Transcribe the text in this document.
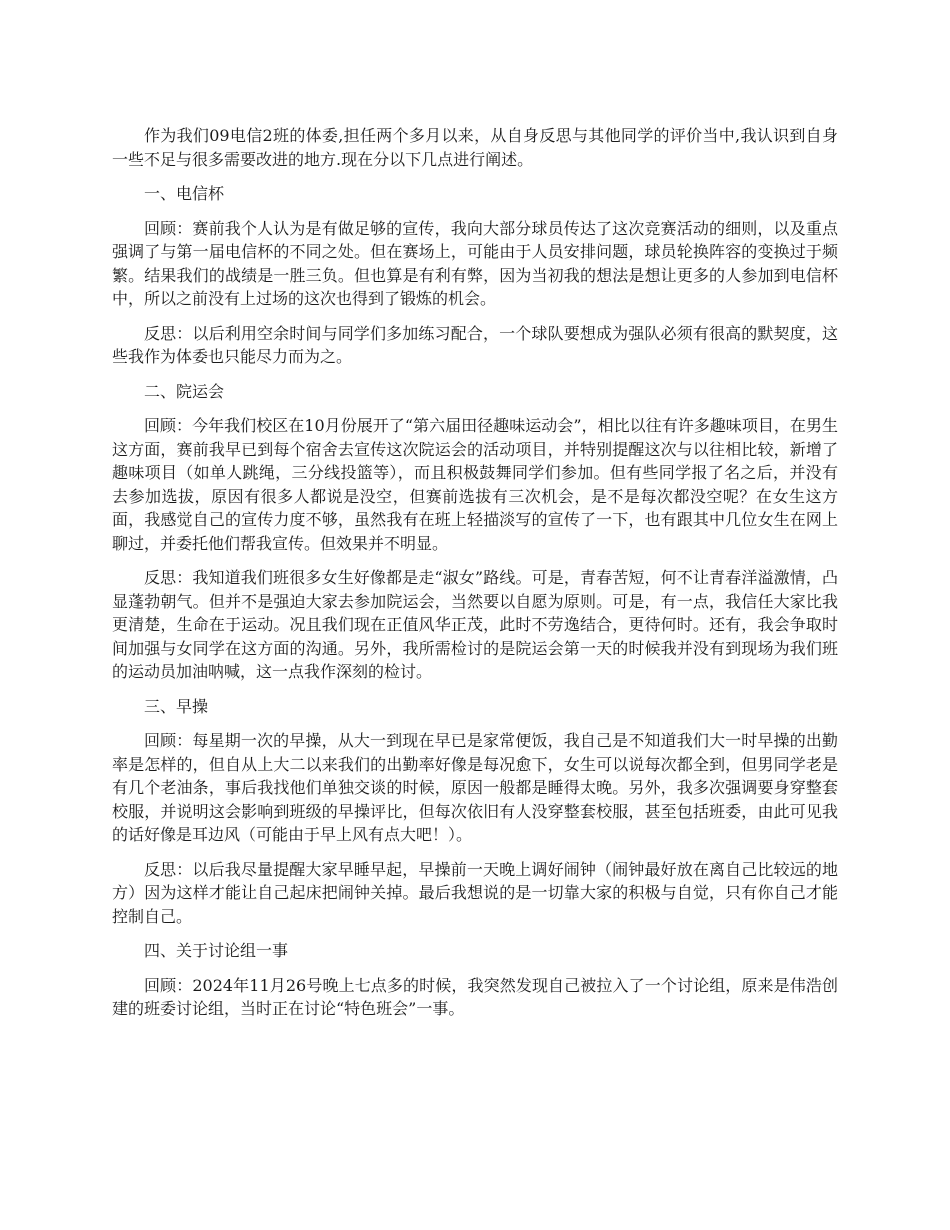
作为我们09电信2班的体委,担任两个多月以来，从自身反思与其他同学的评价当中,我认识到自身一些不足与很多需要改进的地方.现在分以下几点进行阐述。

一、电信杯

回顾：赛前我个人认为是有做足够的宣传，我向大部分球员传达了这次竞赛活动的细则，以及重点强调了与第一届电信杯的不同之处。但在赛场上，可能由于人员安排问题，球员轮换阵容的变换过于频繁。结果我们的战绩是一胜三负。但也算是有利有弊，因为当初我的想法是想让更多的人参加到电信杯中，所以之前没有上过场的这次也得到了锻炼的机会。

反思：以后利用空余时间与同学们多加练习配合，一个球队要想成为强队必须有很高的默契度，这些我作为体委也只能尽力而为之。

二、院运会

回顾：今年我们校区在10月份展开了“第六届田径趣味运动会”，相比以往有许多趣味项目，在男生这方面，赛前我早已到每个宿舍去宣传这次院运会的活动项目，并特别提醒这次与以往相比较，新增了趣味项目（如单人跳绳，三分线投篮等），而且积极鼓舞同学们参加。但有些同学报了名之后，并没有去参加选拔，原因有很多人都说是没空，但赛前选拔有三次机会，是不是每次都没空呢？在女生这方面，我感觉自己的宣传力度不够，虽然我有在班上轻描淡写的宣传了一下，也有跟其中几位女生在网上聊过，并委托他们帮我宣传。但效果并不明显。

反思：我知道我们班很多女生好像都是走“淑女”路线。可是，青春苦短，何不让青春洋溢激情，凸显蓬勃朝气。但并不是强迫大家去参加院运会，当然要以自愿为原则。可是，有一点，我信任大家比我更清楚，生命在于运动。况且我们现在正值风华正茂，此时不劳逸结合，更待何时。还有，我会争取时间加强与女同学在这方面的沟通。另外，我所需检讨的是院运会第一天的时候我并没有到现场为我们班的运动员加油呐喊，这一点我作深刻的检讨。

三、早操

回顾：每星期一次的早操，从大一到现在早已是家常便饭，我自己是不知道我们大一时早操的出勤率是怎样的，但自从上大二以来我们的出勤率好像是每况愈下，女生可以说每次都全到，但男同学老是有几个老油条，事后我找他们单独交谈的时候，原因一般都是睡得太晚。另外，我多次强调要身穿整套校服，并说明这会影响到班级的早操评比，但每次依旧有人没穿整套校服，甚至包括班委，由此可见我的话好像是耳边风（可能由于早上风有点大吧！）。

反思：以后我尽量提醒大家早睡早起，早操前一天晚上调好闹钟（闹钟最好放在离自己比较远的地方）因为这样才能让自己起床把闹钟关掉。最后我想说的是一切靠大家的积极与自觉，只有你自己才能控制自己。

四、关于讨论组一事

回顾：2024年11月26号晚上七点多的时候，我突然发现自己被拉入了一个讨论组，原来是伟浩创建的班委讨论组，当时正在讨论“特色班会”一事。
